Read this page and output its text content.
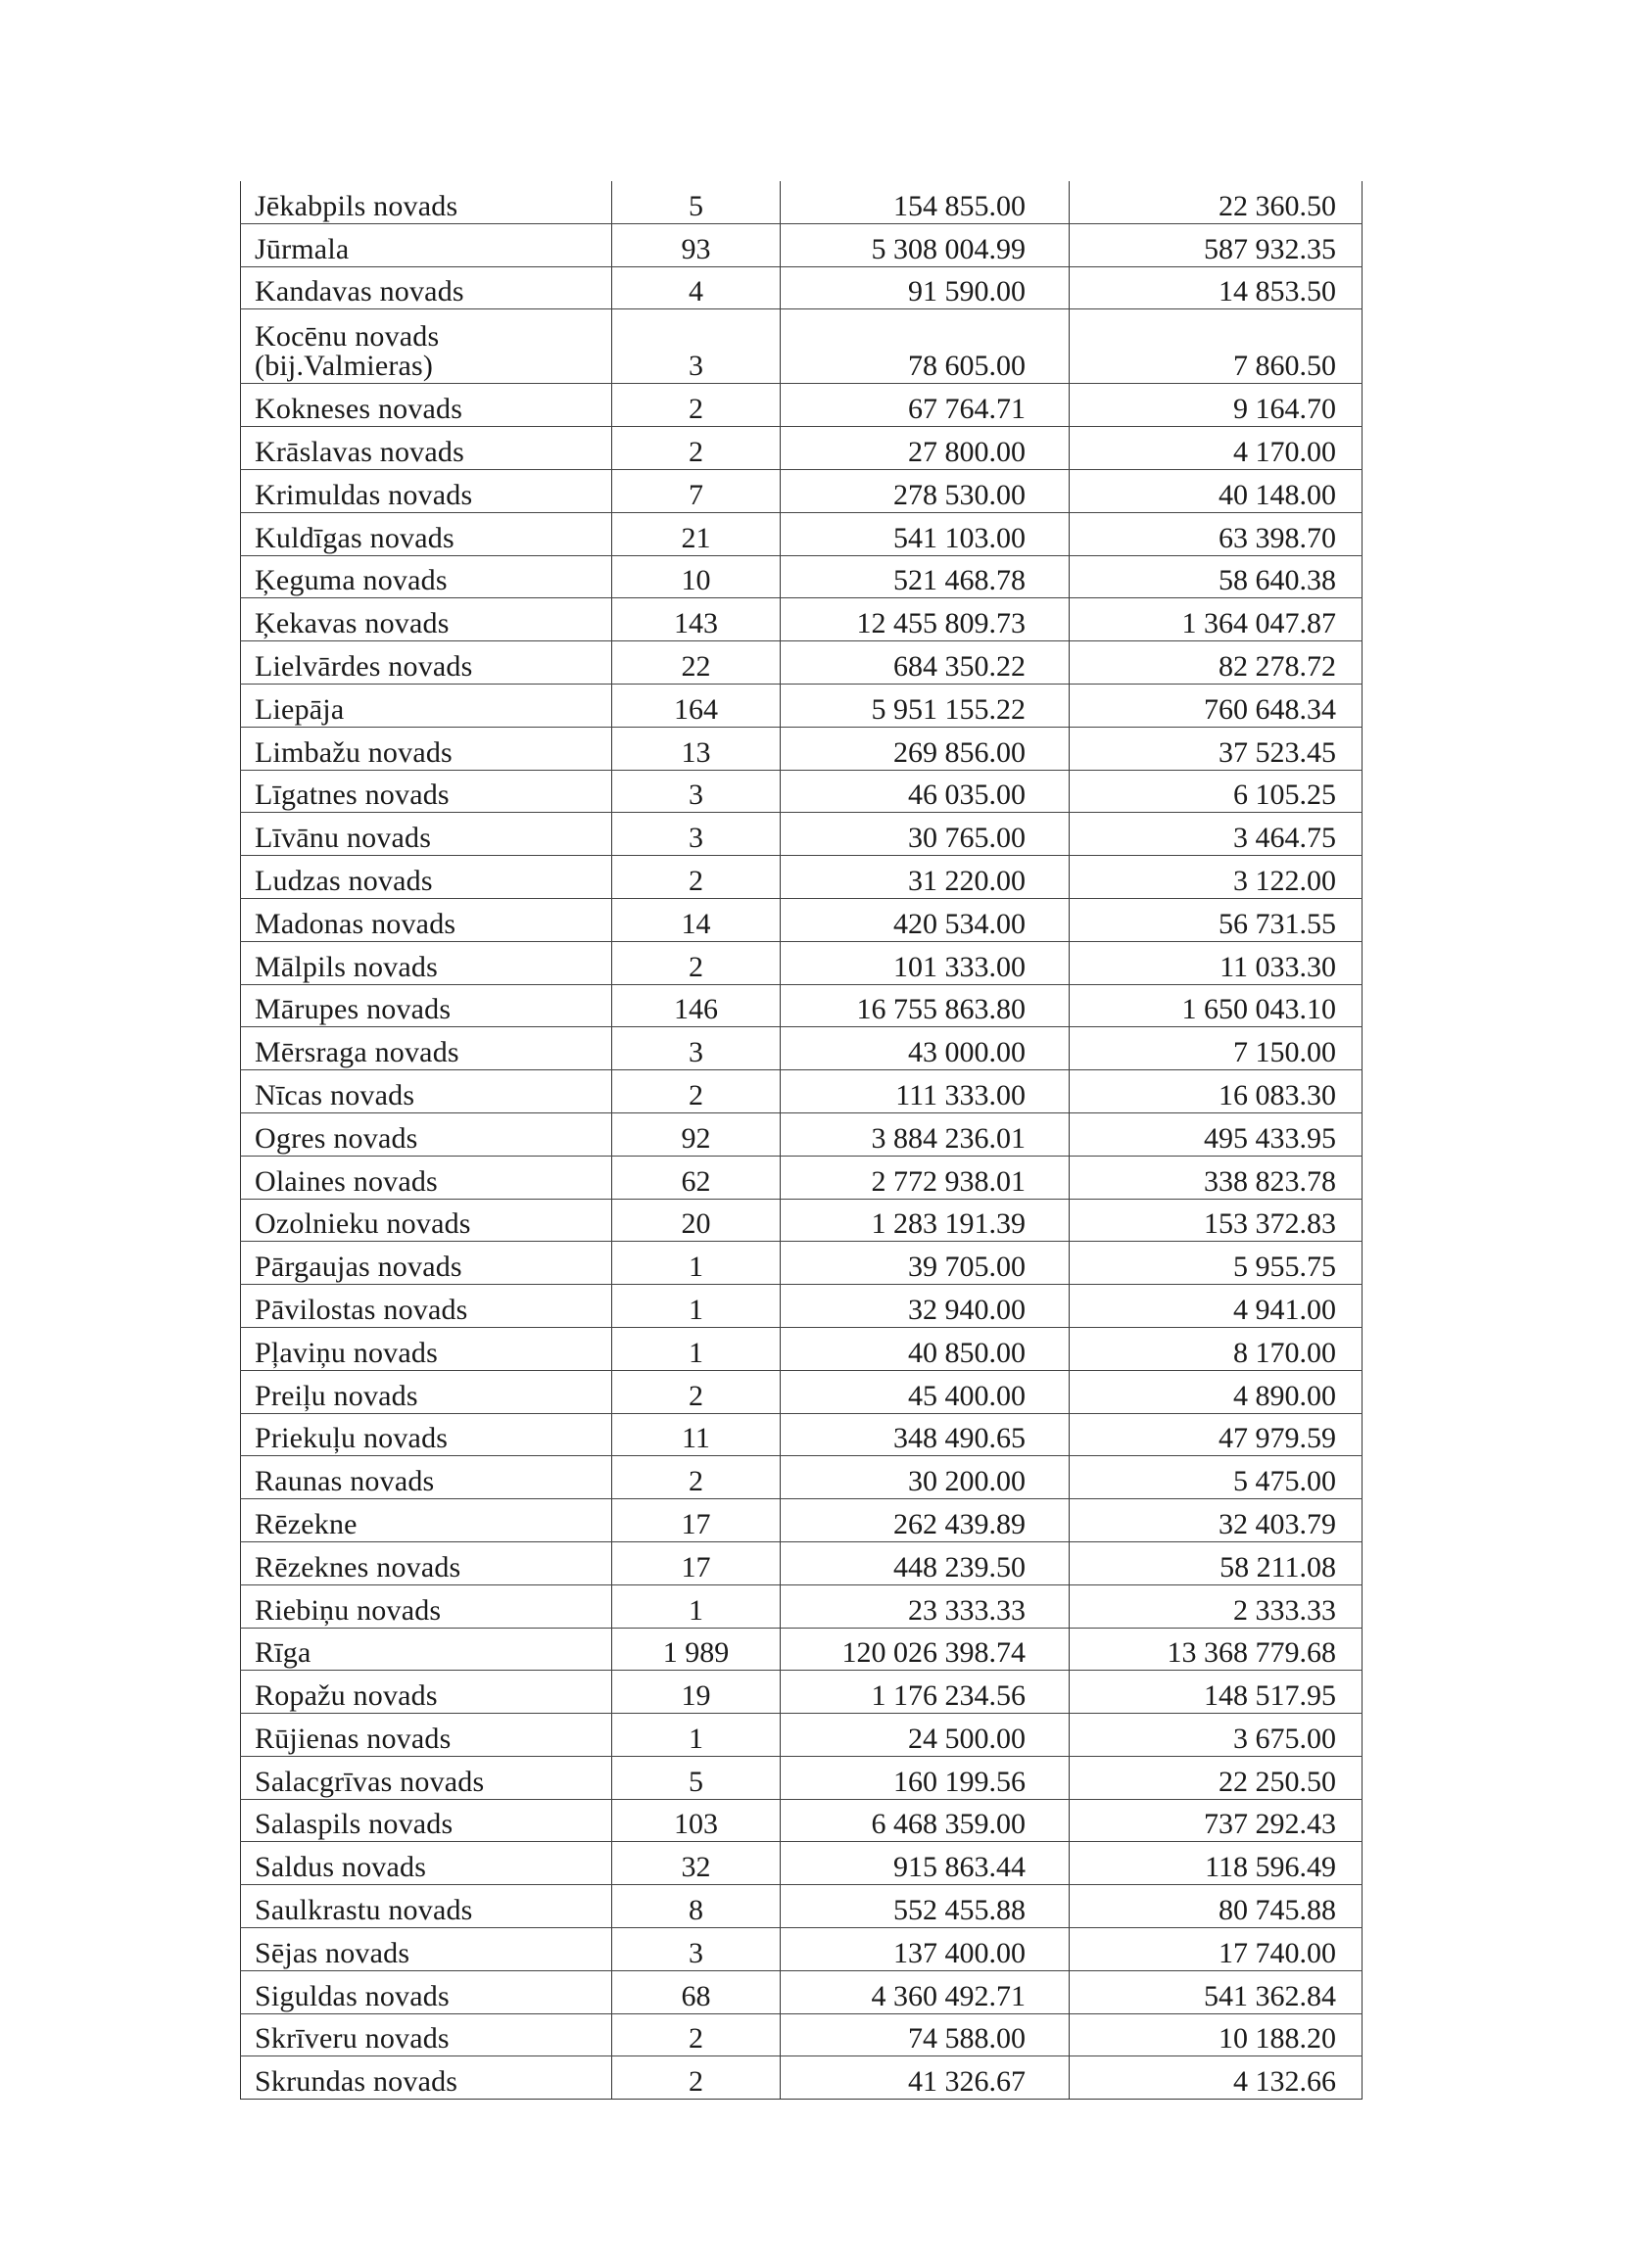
Jēkabpils novads	5	154 855.00	22 360.50
Jūrmala	93	5 308 004.99	587 932.35
Kandavas novads	4	91 590.00	14 853.50
Kocēnu novads (bij.Valmieras)	3	78 605.00	7 860.50
Kokneses novads	2	67 764.71	9 164.70
Krāslavas novads	2	27 800.00	4 170.00
Krimuldas novads	7	278 530.00	40 148.00
Kuldīgas novads	21	541 103.00	63 398.70
Ķeguma novads	10	521 468.78	58 640.38
Ķekavas novads	143	12 455 809.73	1 364 047.87
Lielvārdes novads	22	684 350.22	82 278.72
Liepāja	164	5 951 155.22	760 648.34
Limbažu novads	13	269 856.00	37 523.45
Līgatnes novads	3	46 035.00	6 105.25
Līvānu novads	3	30 765.00	3 464.75
Ludzas novads	2	31 220.00	3 122.00
Madonas novads	14	420 534.00	56 731.55
Mālpils novads	2	101 333.00	11 033.30
Mārupes novads	146	16 755 863.80	1 650 043.10
Mērsraga novads	3	43 000.00	7 150.00
Nīcas novads	2	111 333.00	16 083.30
Ogres novads	92	3 884 236.01	495 433.95
Olaines novads	62	2 772 938.01	338 823.78
Ozolnieku novads	20	1 283 191.39	153 372.83
Pārgaujas novads	1	39 705.00	5 955.75
Pāvilostas novads	1	32 940.00	4 941.00
Pļaviņu novads	1	40 850.00	8 170.00
Preiļu novads	2	45 400.00	4 890.00
Priekuļu novads	11	348 490.65	47 979.59
Raunas novads	2	30 200.00	5 475.00
Rēzekne	17	262 439.89	32 403.79
Rēzeknes novads	17	448 239.50	58 211.08
Riebiņu novads	1	23 333.33	2 333.33
Rīga	1 989	120 026 398.74	13 368 779.68
Ropažu novads	19	1 176 234.56	148 517.95
Rūjienas novads	1	24 500.00	3 675.00
Salacgrīvas novads	5	160 199.56	22 250.50
Salaspils novads	103	6 468 359.00	737 292.43
Saldus novads	32	915 863.44	118 596.49
Saulkrastu novads	8	552 455.88	80 745.88
Sējas novads	3	137 400.00	17 740.00
Siguldas novads	68	4 360 492.71	541 362.84
Skrīveru novads	2	74 588.00	10 188.20
Skrundas novads	2	41 326.67	4 132.66
